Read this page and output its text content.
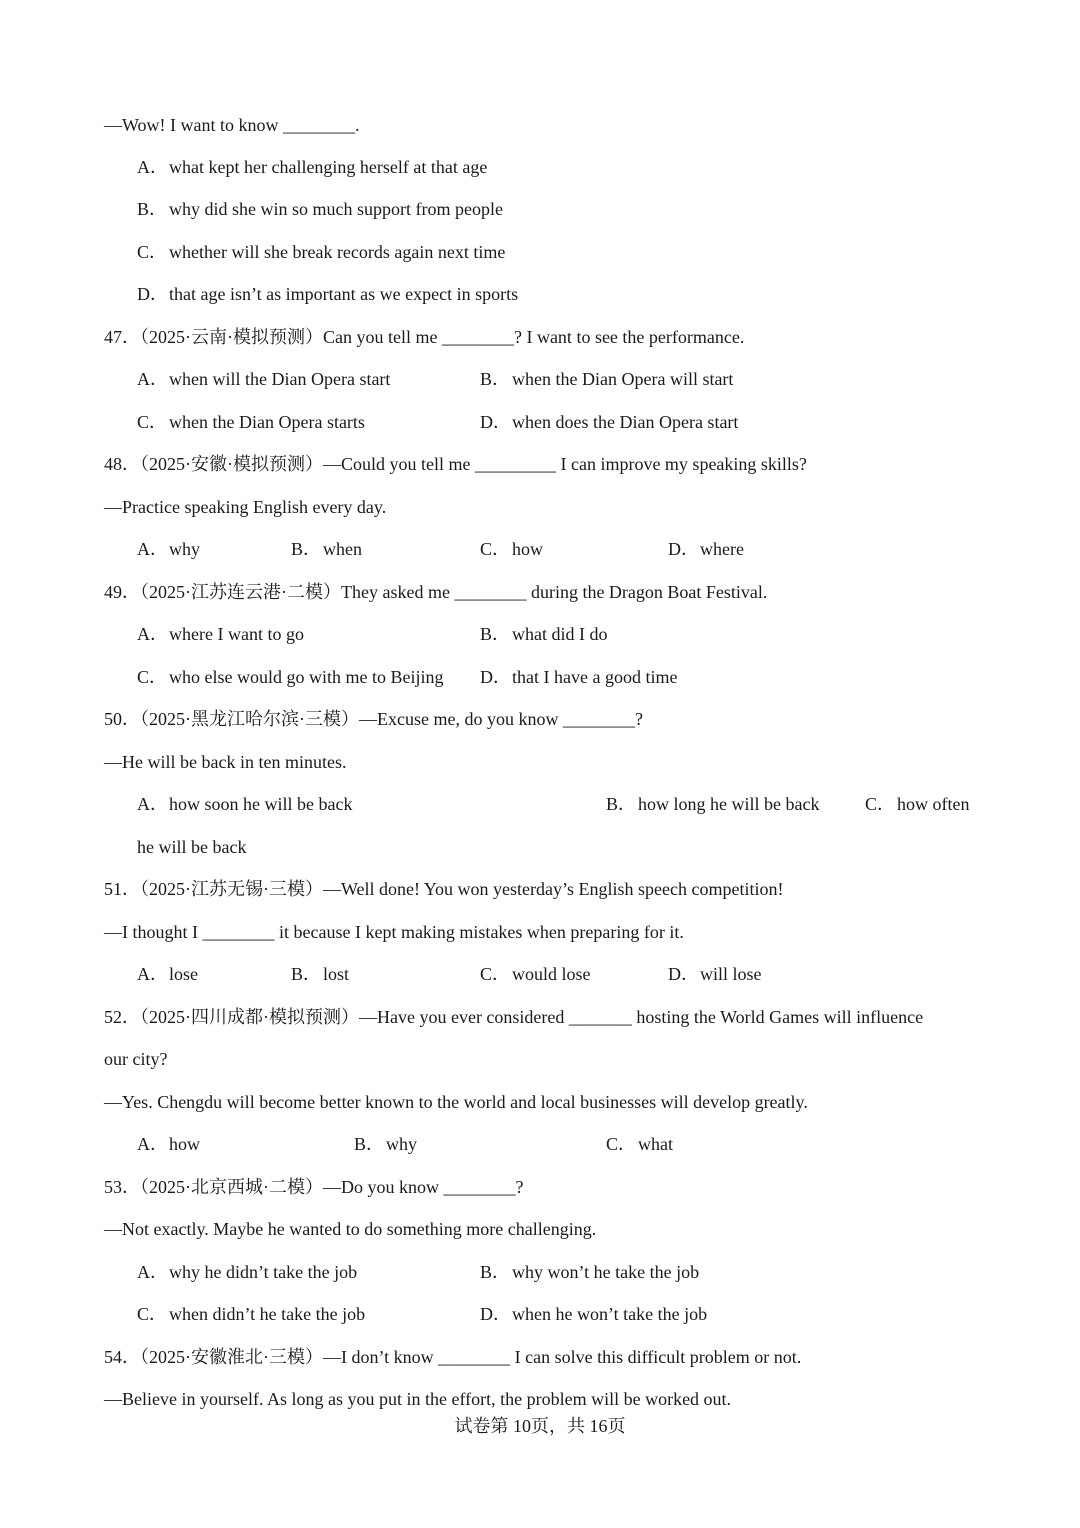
—Wow! I want to know ________.
A．what kept her challenging herself at that age
B． why did she win so much support from people
C． whether will she break records again next time
D．that age isn’t as important as we expect in sports
47．（2025·云南·模拟预测）Can you tell me ________? I want to see the performance.
A．when will the Dian Opera start	B． when the Dian Opera will start
C． when the Dian Opera starts	D．when does the Dian Opera start
48．（2025·安徽·模拟预测）—Could you tell me _________ I can improve my speaking skills?
—Practice speaking English every day.
A．why	B． when	C． how	D．where
49．（2025·江苏连云港·二模）They asked me ________ during the Dragon Boat Festival.
A．where I want to go	B． what did I do
C． who else would go with me to Beijing D．that I have a good time
50．（2025·黑龙江哈尔滨·三模）—Excuse me, do you know ________?
—He will be back in ten minutes.
A．how soon he will be back	B． how long he will be back	C． how often
he will be back
51．（2025·江苏无锡·三模）—Well done! You won yesterday’s English speech competition!
—I thought I ________ it because I kept making mistakes when preparing for it.
A．lose	B． lost	C． would lose	D．will lose
52．（2025·四川成都·模拟预测）—Have you ever considered _______ hosting the World Games will influence
our city?
—Yes. Chengdu will become better known to the world and local businesses will develop greatly.
A．how	B． why	C． what
53．（2025·北京西城·二模）—Do you know ________?
—Not exactly. Maybe he wanted to do something more challenging.
A．why he didn’t take the job	B． why won’t he take the job
C． when didn’t he take the job	D．when he won’t take the job
54．（2025·安徽淮北·三模）—I don’t know ________ I can solve this difficult problem or not.
—Believe in yourself. As long as you put in the effort, the problem will be worked out.
试卷第 10页，共 16页
